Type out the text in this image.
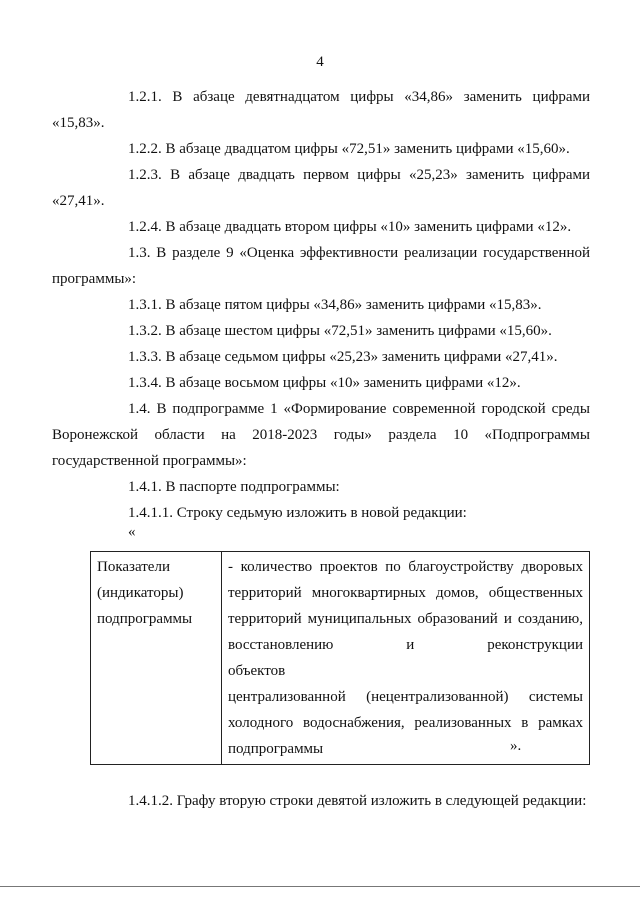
4
1.2.1. В абзаце девятнадцатом цифры «34,86» заменить цифрами
«15,83».
1.2.2. В абзаце двадцатом цифры «72,51» заменить цифрами «15,60».
1.2.3. В абзаце двадцать первом цифры «25,23» заменить цифрами
«27,41».
1.2.4. В абзаце двадцать втором цифры «10» заменить цифрами «12».
1.3. В разделе 9 «Оценка эффективности реализации государственной
программы»:
1.3.1. В абзаце пятом цифры «34,86» заменить цифрами «15,83».
1.3.2. В абзаце шестом цифры «72,51» заменить цифрами «15,60».
1.3.3. В абзаце седьмом цифры «25,23» заменить цифрами «27,41».
1.3.4. В абзаце восьмом цифры «10» заменить цифрами «12».
1.4. В подпрограмме 1 «Формирование современной городской среды
Воронежской области на 2018-2023 годы» раздела 10 «Подпрограммы
государственной программы»:
1.4.1. В паспорте подпрограммы:
1.4.1.1. Строку седьмую изложить в новой редакции:
«
Показатели
(индикаторы)
подпрограммы

- количество проектов по благоустройству дворовых
территорий многоквартирных домов, общественных
территорий муниципальных образований и созданию,
восстановлению и реконструкции объектов
централизованной (нецентрализованной) системы
холодного водоснабжения, реализованных в рамках
подпрограммы	».
1.4.1.2. Графу вторую строки девятой изложить в следующей редакции:
